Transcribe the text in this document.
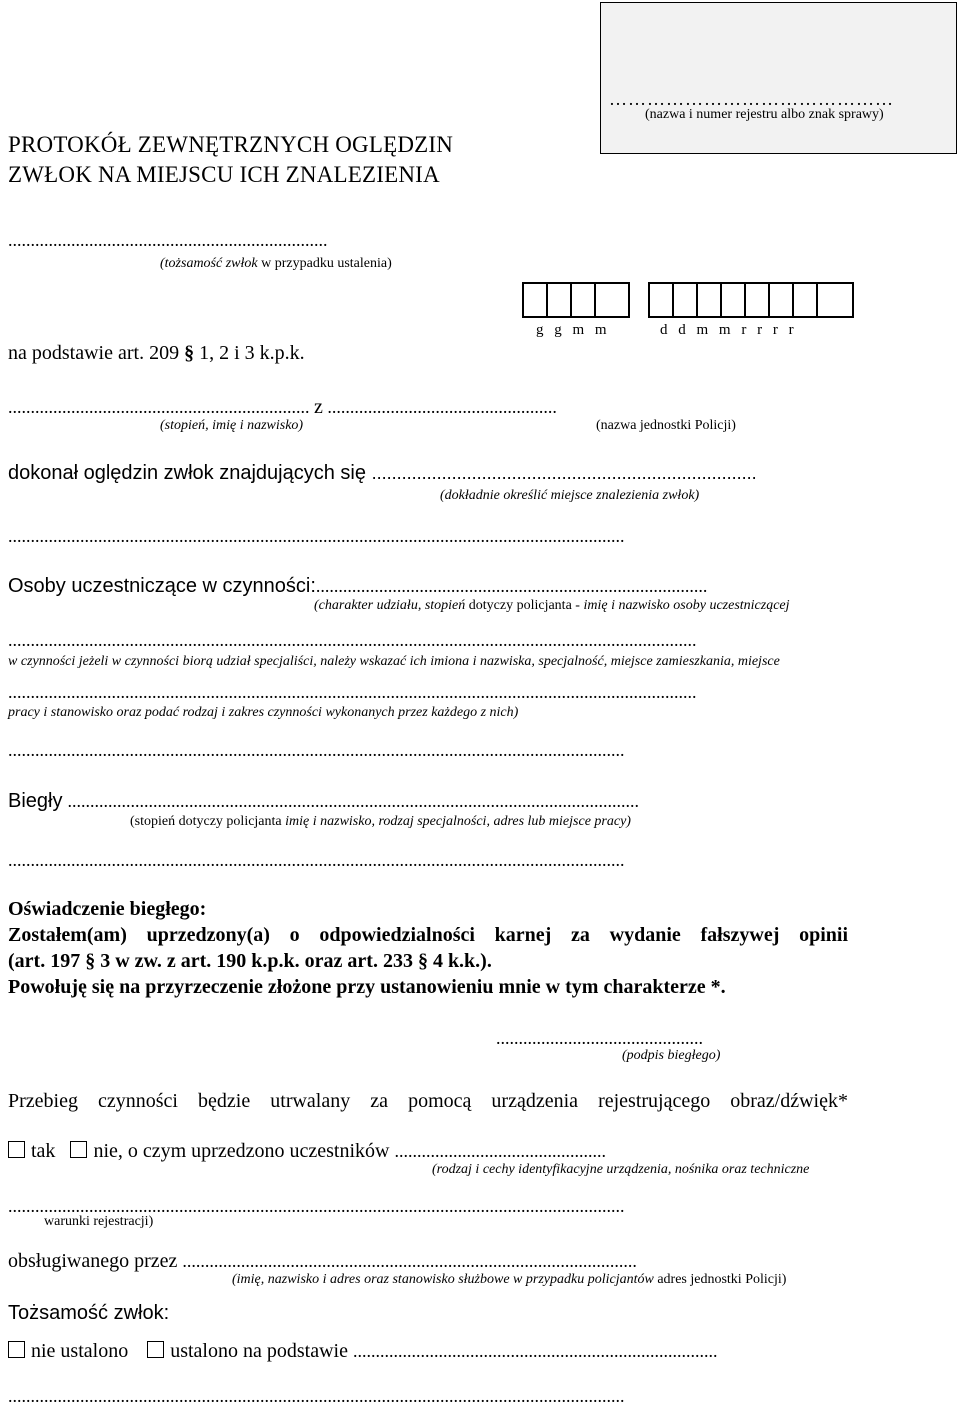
………………………………………
(nazwa i numer rejestru albo znak sprawy)
PROTOKÓŁ ZEWNĘTRZNYCH OGLĘDZIN
ZWŁOK NA MIEJSCU ICH ZNALEZIENIA
.......................................................................
(tożsamość zwłok w przypadku ustalenia)
g g m m	d d m m r r r r
na podstawie art. 209 § 1, 2 i 3 k.p.k.
................................................................... z ...................................................
(stopień, imię i nazwisko)	(nazwa jednostki Policji)
dokonał oględzin zwłok znajdujących się .............................................................................
(dokładnie określić miejsce znalezienia zwłok)
.........................................................................................................................................
Osoby uczestniczące w czynności:.......................................................................................
(charakter udziału, stopień dotyczy policjanta - imię i nazwisko osoby uczestniczącej
.........................................................................................................................................................
w czynności jeżeli w czynności biorą udział specjaliści, należy wskazać ich imiona i nazwiska, specjalność, miejsce zamieszkania, miejsce
.........................................................................................................................................................
pracy i stanowisko oraz podać rodzaj i zakres czynności wykonanych przez każdego z nich)
.........................................................................................................................................
Biegły ...............................................................................................................................
(stopień dotyczy policjanta imię i nazwisko, rodzaj specjalności, adres lub miejsce pracy)
.........................................................................................................................................
Oświadczenie biegłego:
Zostałem(am) uprzedzony(a) o odpowiedzialności karnej za wydanie fałszywej opinii
(art. 197 § 3 w zw. z art. 190 k.p.k. oraz art. 233 § 4 k.k.).
Powołuję się na przyrzeczenie złożone przy ustanowieniu mnie w tym charakterze *.
..............................................
(podpis biegłego)
Przebieg czynności będzie utrwalany za pomocą urządzenia rejestrującego obraz/dźwięk*
tak nie, o czym uprzedzono uczestników ...............................................
(rodzaj i cechy identyfikacyjne urządzenia, nośnika oraz techniczne
.........................................................................................................................................
warunki rejestracji)
obsługiwanego przez .....................................................................................................
(imię, nazwisko i adres oraz stanowisko służbowe w przypadku policjantów adres jednostki Policji)
Tożsamość zwłok:
nie ustalono ustalono na podstawie .................................................................................
.........................................................................................................................................
